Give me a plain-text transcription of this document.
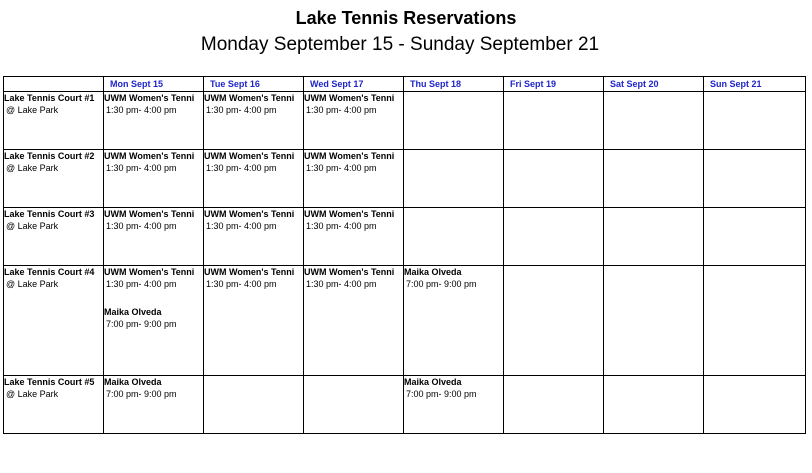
Lake Tennis Reservations
Monday September 15 - Sunday September 21
	Mon Sept 15	Tue Sept 16	Wed Sept 17	Thu Sept 18	Fri Sept 19	Sat Sept 20	Sun Sept 21

Lake Tennis Court #1
@ Lake Park	UWM Women's Tenni
1:30 pm- 4:00 pm	UWM Women's Tenni
1:30 pm- 4:00 pm	UWM Women's Tenni
1:30 pm- 4:00 pm				

Lake Tennis Court #2
@ Lake Park	UWM Women's Tenni
1:30 pm- 4:00 pm	UWM Women's Tenni
1:30 pm- 4:00 pm	UWM Women's Tenni
1:30 pm- 4:00 pm				

Lake Tennis Court #3
@ Lake Park	UWM Women's Tenni
1:30 pm- 4:00 pm	UWM Women's Tenni
1:30 pm- 4:00 pm	UWM Women's Tenni
1:30 pm- 4:00 pm				

Lake Tennis Court #4
@ Lake Park	UWM Women's Tenni
1:30 pm- 4:00 pm
Maika Olveda
7:00 pm- 9:00 pm	UWM Women's Tenni
1:30 pm- 4:00 pm	UWM Women's Tenni
1:30 pm- 4:00 pm	Maika Olveda
7:00 pm- 9:00 pm			

Lake Tennis Court #5
@ Lake Park	Maika Olveda
7:00 pm- 9:00 pm			Maika Olveda
7:00 pm- 9:00 pm			
